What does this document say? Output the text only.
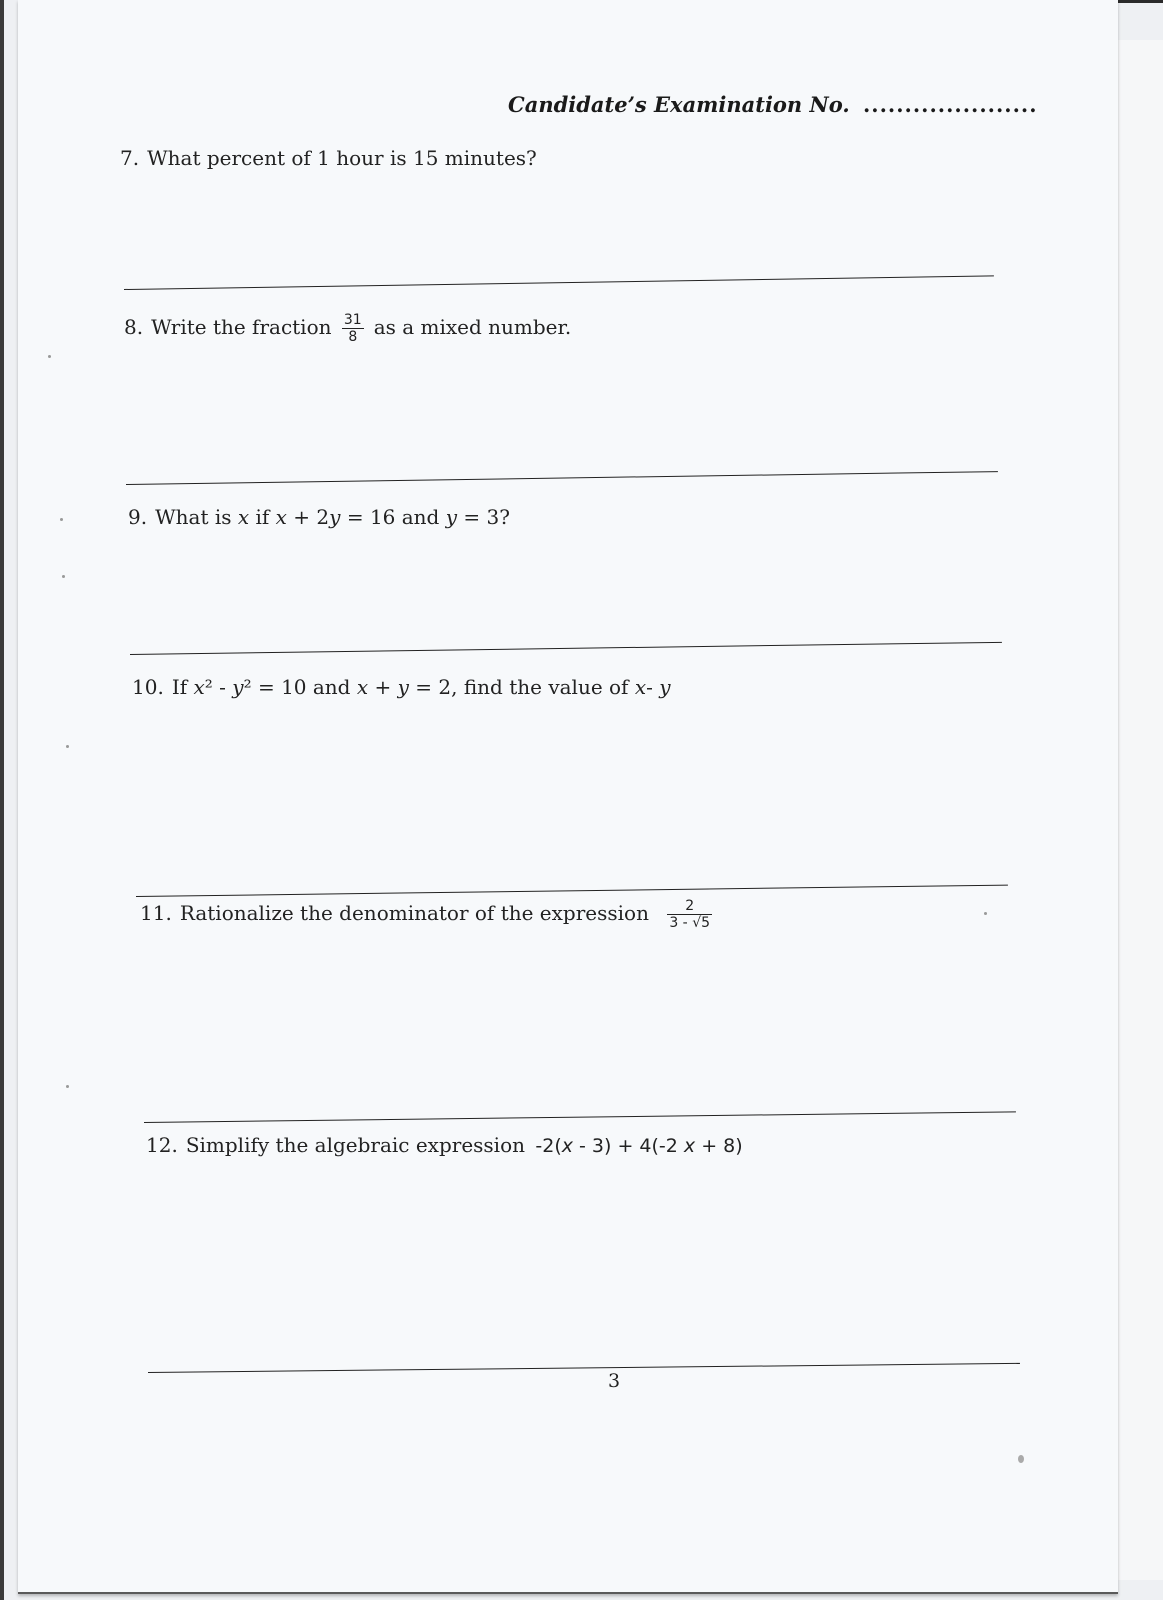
Candidate’s Examination No. .....................
7. What percent of 1 hour is 15 minutes?
8. Write the fraction $\frac{31}{8}$ as a mixed number.
9. What is x if x + 2y = 16 and y = 3?
10. If x² - y² = 10 and x + y = 2, find the value of x- y
11. Rationalize the denominator of the expression $\frac{2}{3 - √5}$
12. Simplify the algebraic expression -2(x - 3) + 4(-2 x + 8)
3
